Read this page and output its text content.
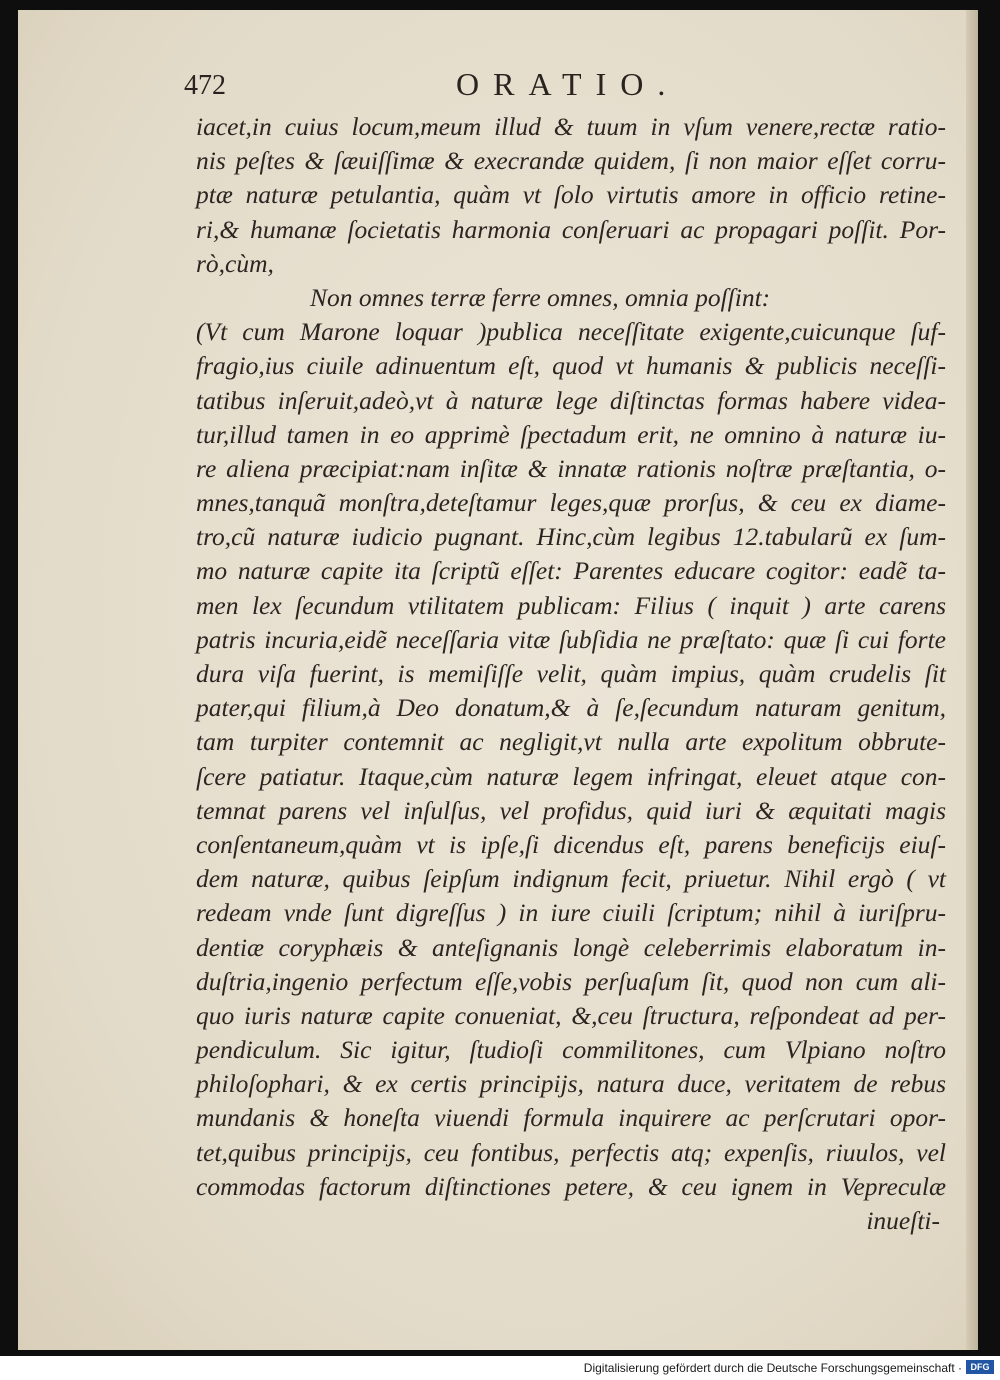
472	ORATIO.
iacet,in cuius locum,meum illud & tuum in vſum venere,rectæ ratio-
nis peſtes & ſæuiſſimæ & execrandæ quidem, ſi non maior eſſet corru-
ptæ naturæ petulantia, quàm vt ſolo virtutis amore in officio retine-
ri,& humanæ ſocietatis harmonia conſeruari ac propagari poſſit. Por-
rò,cùm,
Non omnes terræ ferre omnes, omnia poſſint:
(Vt cum Marone loquar )publica neceſſitate exigente,cuicunque ſuf-
fragio,ius ciuile adinuentum eſt, quod vt humanis & publicis neceſſi-
tatibus inſeruit,adeò,vt à naturæ lege diſtinctas formas habere videa-
tur,illud tamen in eo apprimè ſpectadum erit, ne omnino à naturæ iu-
re aliena præcipiat:nam inſitæ & innatæ rationis noſtræ præſtantia, o-
mnes,tanquã monſtra,deteſtamur leges,quæ prorſus, & ceu ex diame-
tro,cũ naturæ iudicio pugnant. Hinc,cùm legibus 12.tabularũ ex ſum-
mo naturæ capite ita ſcriptũ eſſet: Parentes educare cogitor: eadẽ ta-
men lex ſecundum vtilitatem publicam: Filius ( inquit ) arte carens
patris incuria,eidẽ neceſſaria vitæ ſubſidia ne præſtato: quæ ſi cui forte
dura viſa fuerint, is memiſiſſe velit, quàm impius, quàm crudelis ſit
pater,qui filium,à Deo donatum,& à ſe,ſecundum naturam genitum,
tam turpiter contemnit ac negligit,vt nulla arte expolitum obbrute-
ſcere patiatur. Itaque,cùm naturæ legem infringat, eleuet atque con-
temnat parens vel inſulſus, vel profidus, quid iuri & æquitati magis
conſentaneum,quàm vt is ipſe,ſi dicendus eſt, parens beneficijs eiuſ-
dem naturæ, quibus ſeipſum indignum fecit, priuetur. Nihil ergò ( vt
redeam vnde ſunt digreſſus ) in iure ciuili ſcriptum; nihil à iuriſpru-
dentiæ coryphæis & anteſignanis longè celeberrimis elaboratum in-
duſtria,ingenio perfectum eſſe,vobis perſuaſum ſit, quod non cum ali-
quo iuris naturæ capite conueniat, &,ceu ſtructura, reſpondeat ad per-
pendiculum. Sic igitur, ſtudioſi commilitones, cum Vlpiano noſtro
philoſophari, & ex certis principijs, natura duce, veritatem de rebus
mundanis & honeſta viuendi formula inquirere ac perſcrutari opor-
tet,quibus principijs, ceu fontibus, perfectis atq; expenſis, riuulos, vel
commodas factorum diſtinctiones petere, & ceu ignem in Vepreculæ
inueſti-
Digitalisierung gefördert durch die Deutsche Forschungsgemeinschaft · DFG
